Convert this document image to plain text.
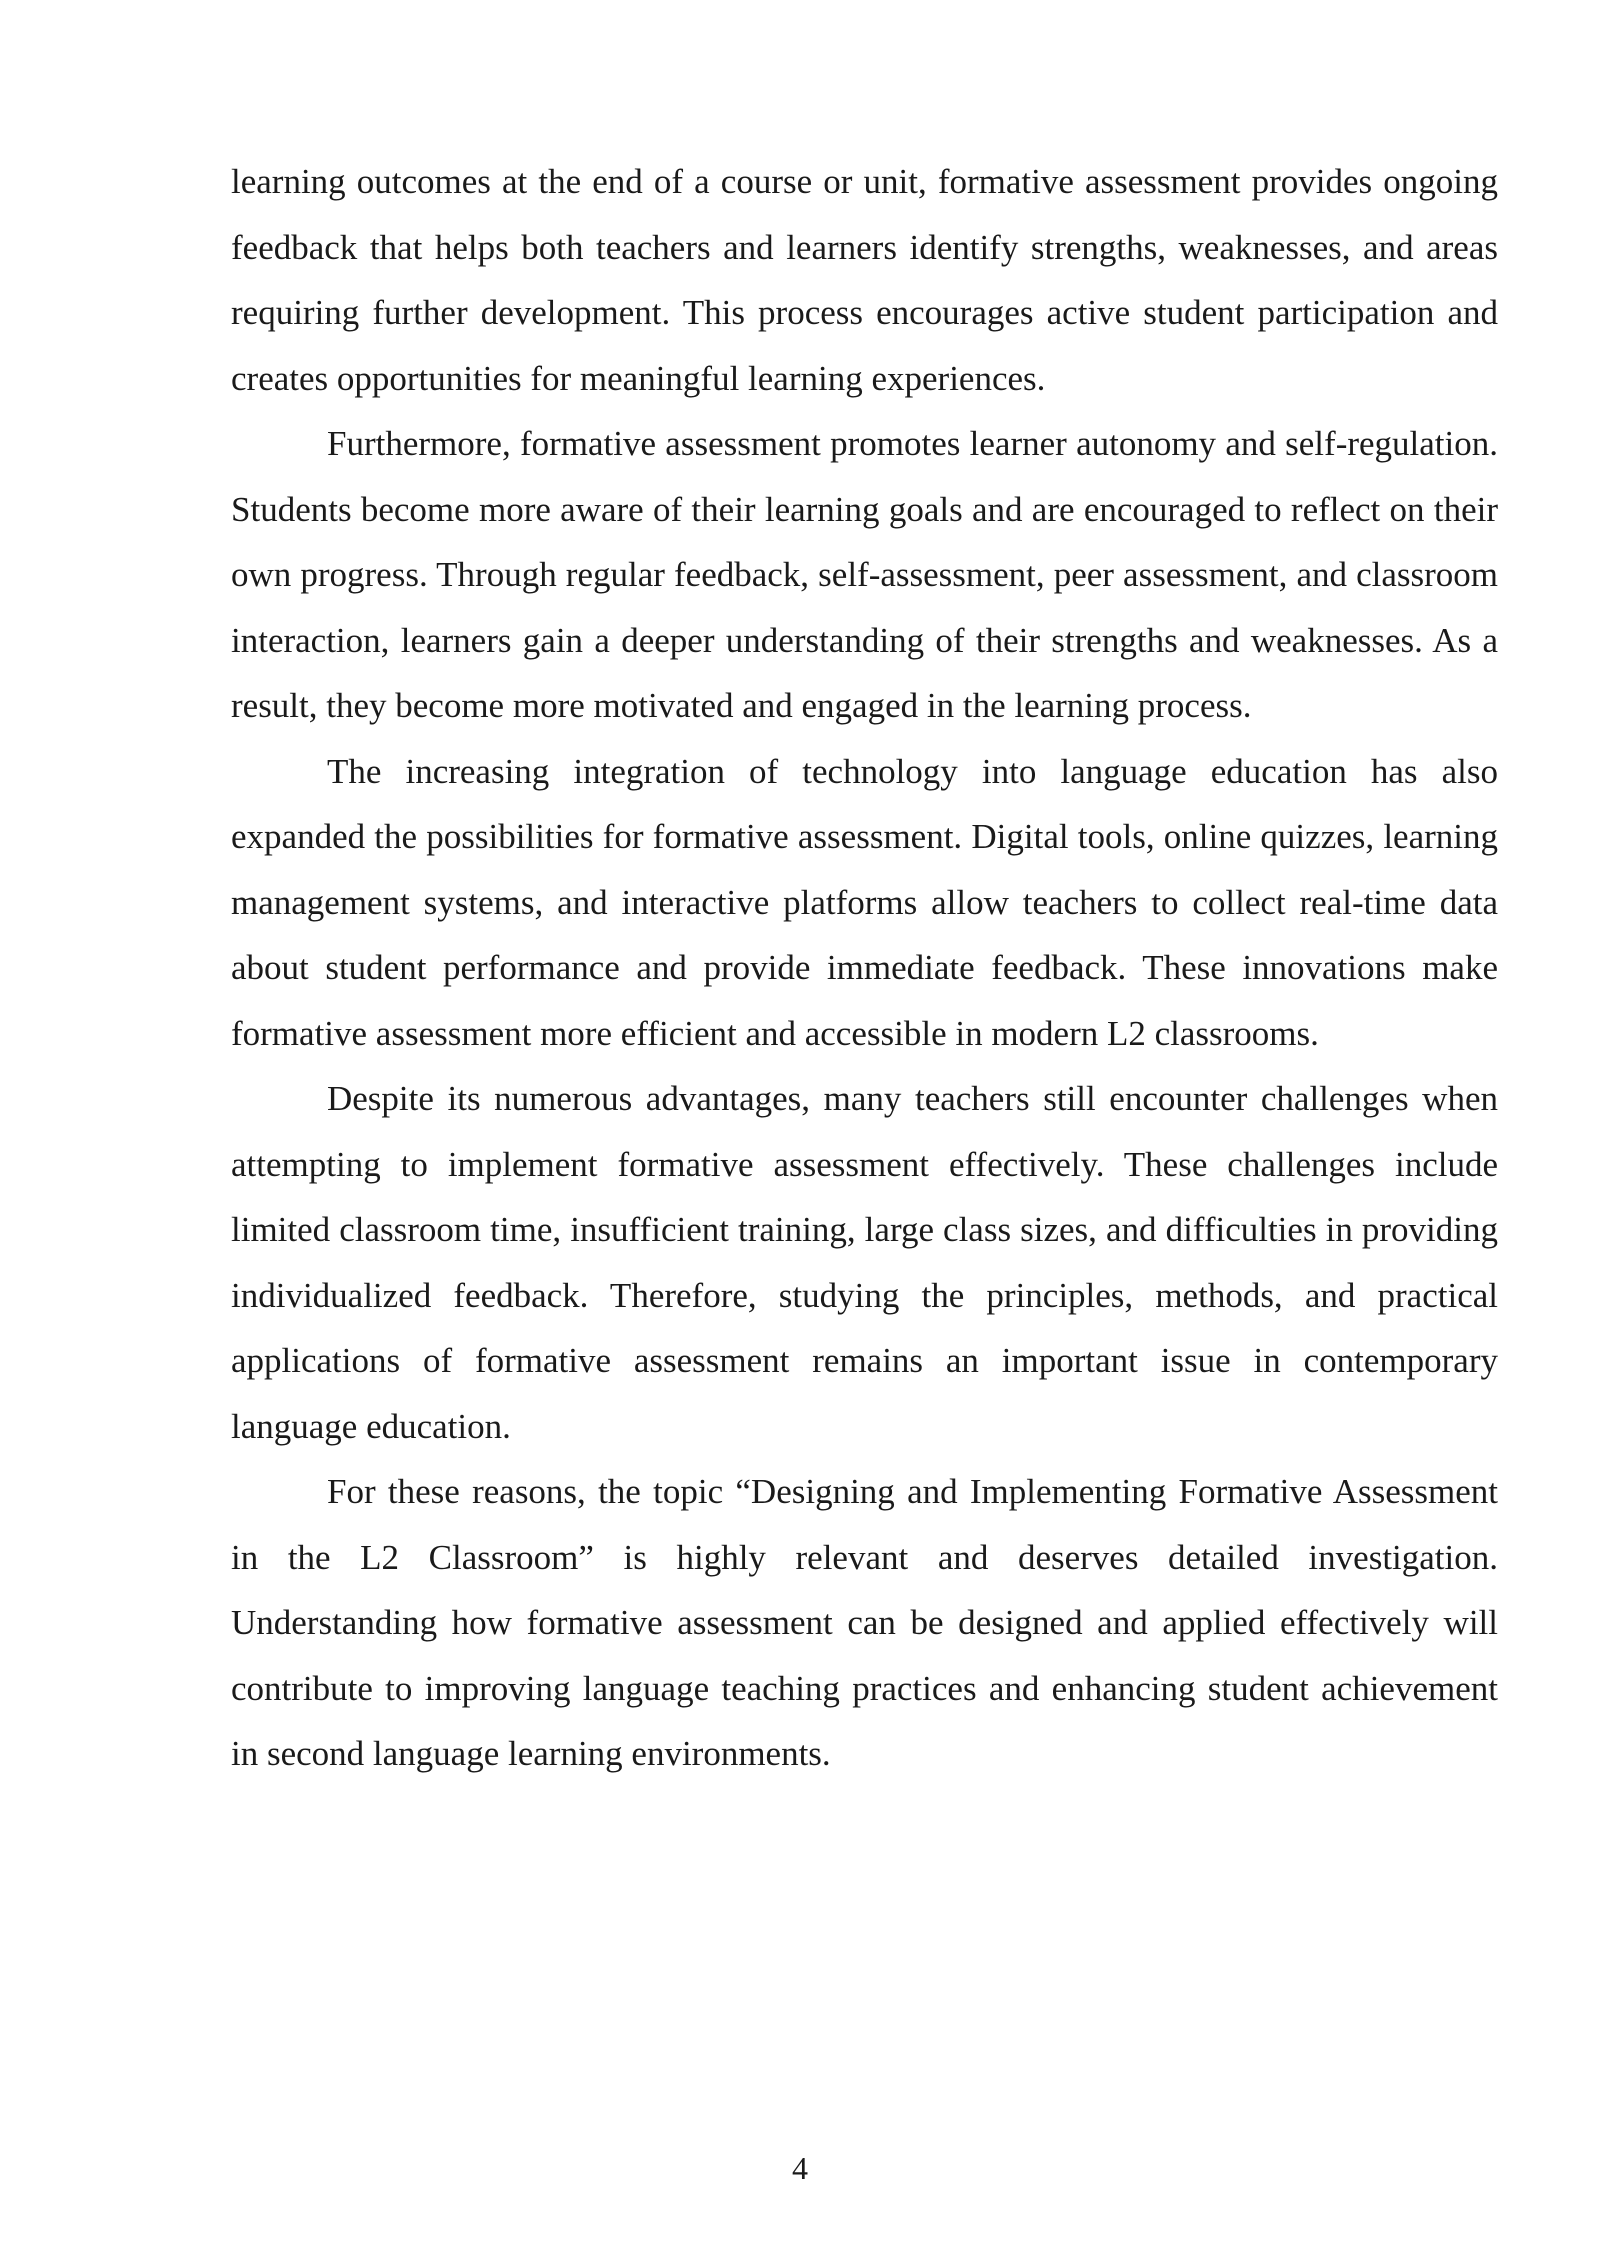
learning outcomes at the end of a course or unit, formative assessment provides ongoing feedback that helps both teachers and learners identify strengths, weaknesses, and areas requiring further development. This process encourages active student participation and creates opportunities for meaningful learning experiences.

Furthermore, formative assessment promotes learner autonomy and self-regulation. Students become more aware of their learning goals and are encouraged to reflect on their own progress. Through regular feedback, self-assessment, peer assessment, and classroom interaction, learners gain a deeper understanding of their strengths and weaknesses. As a result, they become more motivated and engaged in the learning process.

The increasing integration of technology into language education has also expanded the possibilities for formative assessment. Digital tools, online quizzes, learning management systems, and interactive platforms allow teachers to collect real-time data about student performance and provide immediate feedback. These innovations make formative assessment more efficient and accessible in modern L2 classrooms.

Despite its numerous advantages, many teachers still encounter challenges when attempting to implement formative assessment effectively. These challenges include limited classroom time, insufficient training, large class sizes, and difficulties in providing individualized feedback. Therefore, studying the principles, methods, and practical applications of formative assessment remains an important issue in contemporary language education.

For these reasons, the topic “Designing and Implementing Formative Assessment in the L2 Classroom” is highly relevant and deserves detailed investigation. Understanding how formative assessment can be designed and applied effectively will contribute to improving language teaching practices and enhancing student achievement in second language learning environments.

4
